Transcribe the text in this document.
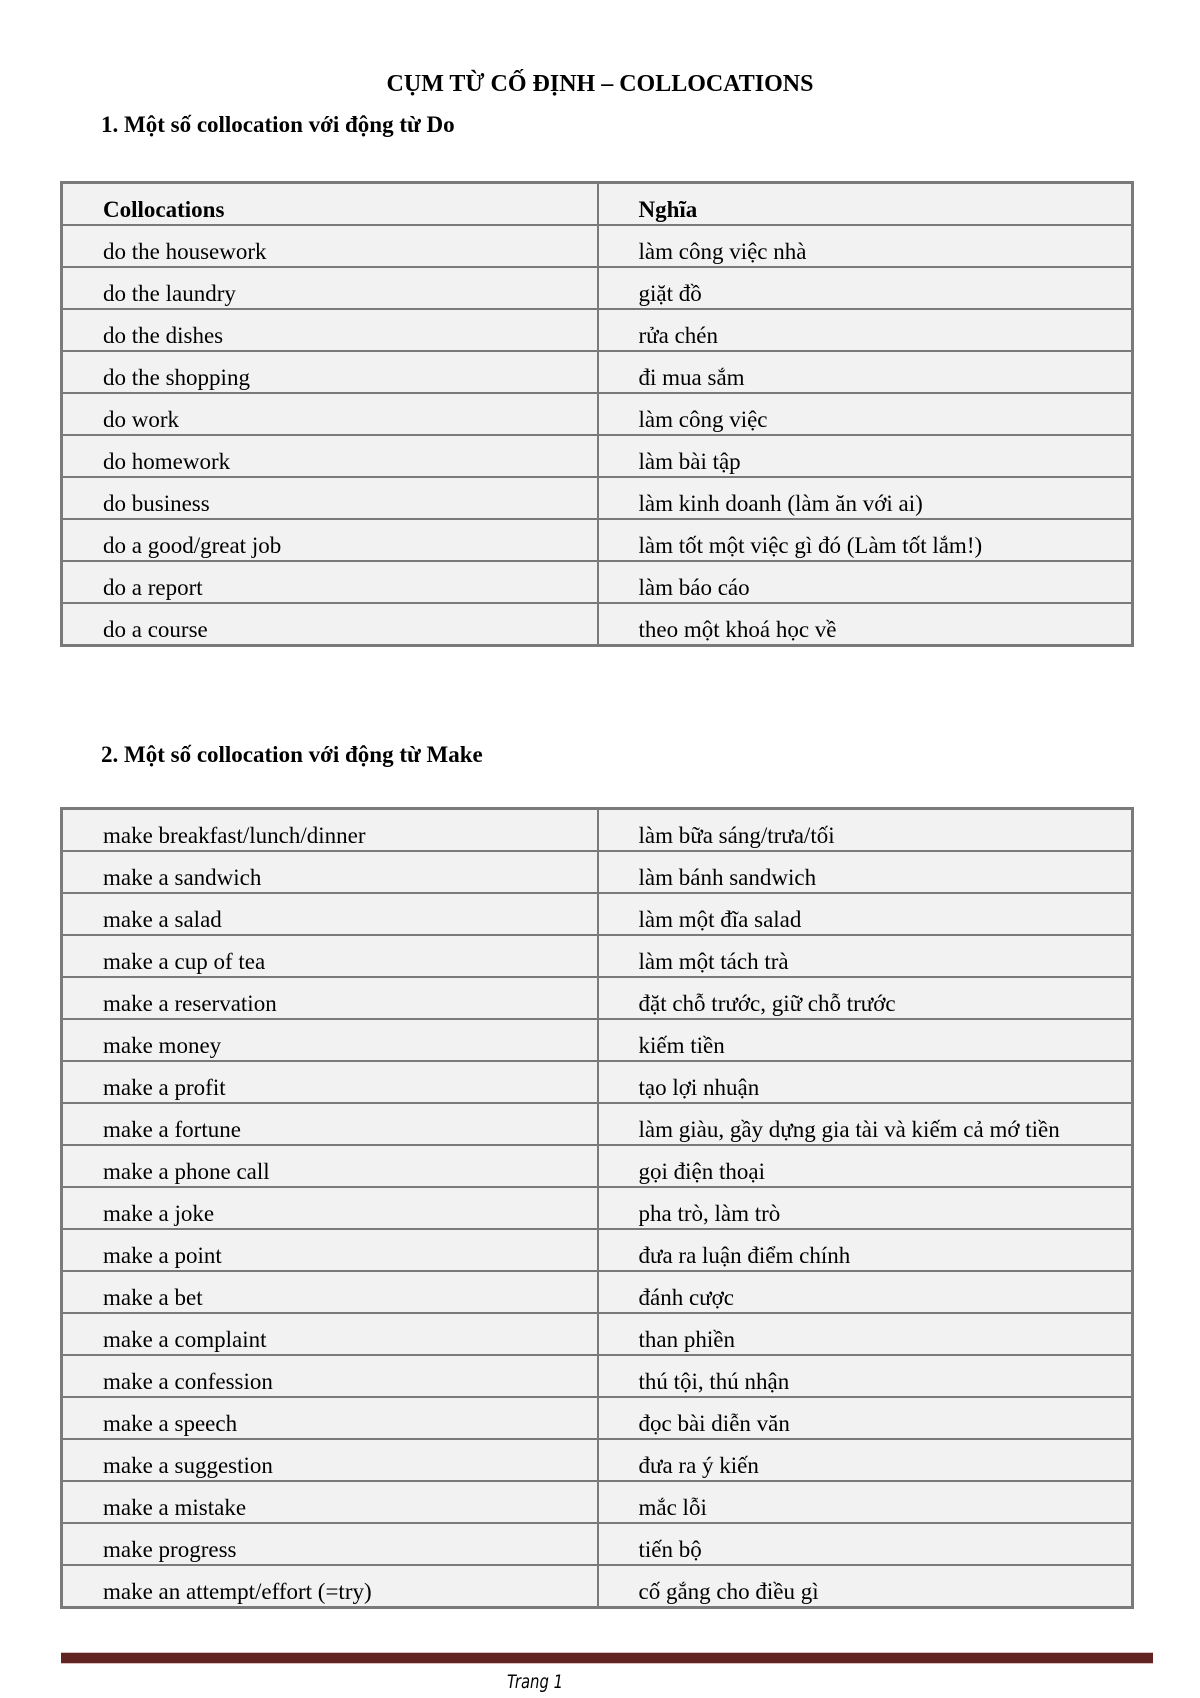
CỤM TỪ CỐ ĐỊNH – COLLOCATIONS
1. Một số collocation với động từ Do
Collocations	Nghĩa
do the housework	làm công việc nhà
do the laundry	giặt đồ
do the dishes	rửa chén
do the shopping	đi mua sắm
do work	làm công việc
do homework	làm bài tập
do business	làm kinh doanh (làm ăn với ai)
do a good/great job	làm tốt một việc gì đó (Làm tốt lắm!)
do a report	làm báo cáo
do a course	theo một khoá học về
2. Một số collocation với động từ Make
make breakfast/lunch/dinner	làm bữa sáng/trưa/tối
make a sandwich	làm bánh sandwich
make a salad	làm một đĩa salad
make a cup of tea	làm một tách trà
make a reservation	đặt chỗ trước, giữ chỗ trước
make money	kiếm tiền
make a profit	tạo lợi nhuận
make a fortune	làm giàu, gầy dựng gia tài và kiếm cả mớ tiền
make a phone call	gọi điện thoại
make a joke	pha trò, làm trò
make a point	đưa ra luận điểm chính
make a bet	đánh cược
make a complaint	than phiền
make a confession	thú tội, thú nhận
make a speech	đọc bài diễn văn
make a suggestion	đưa ra ý kiến
make a mistake	mắc lỗi
make progress	tiến bộ
make an attempt/effort (=try)	cố gắng cho điều gì
Trang 1
